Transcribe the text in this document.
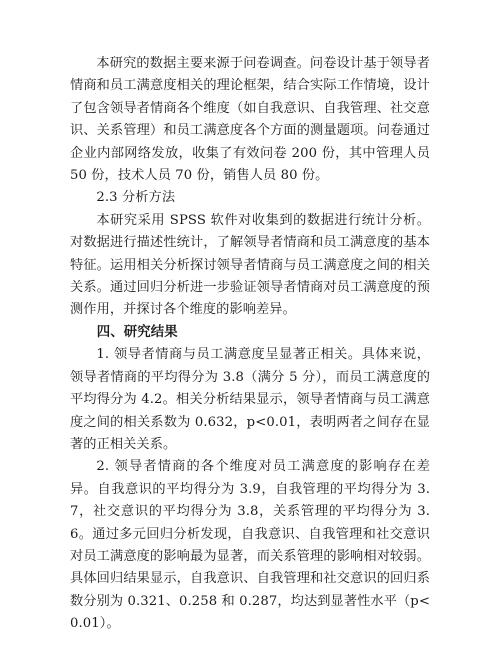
本研究的数据主要来源于问卷调查。问卷设计基于领导者情商和员工满意度相关的理论框架，结合实际工作情境，设计了包含领导者情商各个维度（如自我意识、自我管理、社交意识、关系管理）和员工满意度各个方面的测量题项。问卷通过企业内部网络发放，收集了有效问卷 200 份，其中管理人员 50 份，技术人员 70 份，销售人员 80 份。

2.3 分析方法

本研究采用 SPSS 软件对收集到的数据进行统计分析。对数据进行描述性统计，了解领导者情商和员工满意度的基本特征。运用相关分析探讨领导者情商与员工满意度之间的相关关系。通过回归分析进一步验证领导者情商对员工满意度的预测作用，并探讨各个维度的影响差异。

四、研究结果

1. 领导者情商与员工满意度呈显著正相关。具体来说，领导者情商的平均得分为 3.8（满分 5 分），而员工满意度的平均得分为 4.2。相关分析结果显示，领导者情商与员工满意度之间的相关系数为 0.632，p<0.01，表明两者之间存在显著的正相关关系。

2. 领导者情商的各个维度对员工满意度的影响存在差异。自我意识的平均得分为 3.9，自我管理的平均得分为 3.7，社交意识的平均得分为 3.8，关系管理的平均得分为 3.6。通过多元回归分析发现，自我意识、自我管理和社交意识对员工满意度的影响最为显著，而关系管理的影响相对较弱。具体回归结果显示，自我意识、自我管理和社交意识的回归系数分别为 0.321、0.258 和 0.287，均达到显著性水平（p<0.01）。
